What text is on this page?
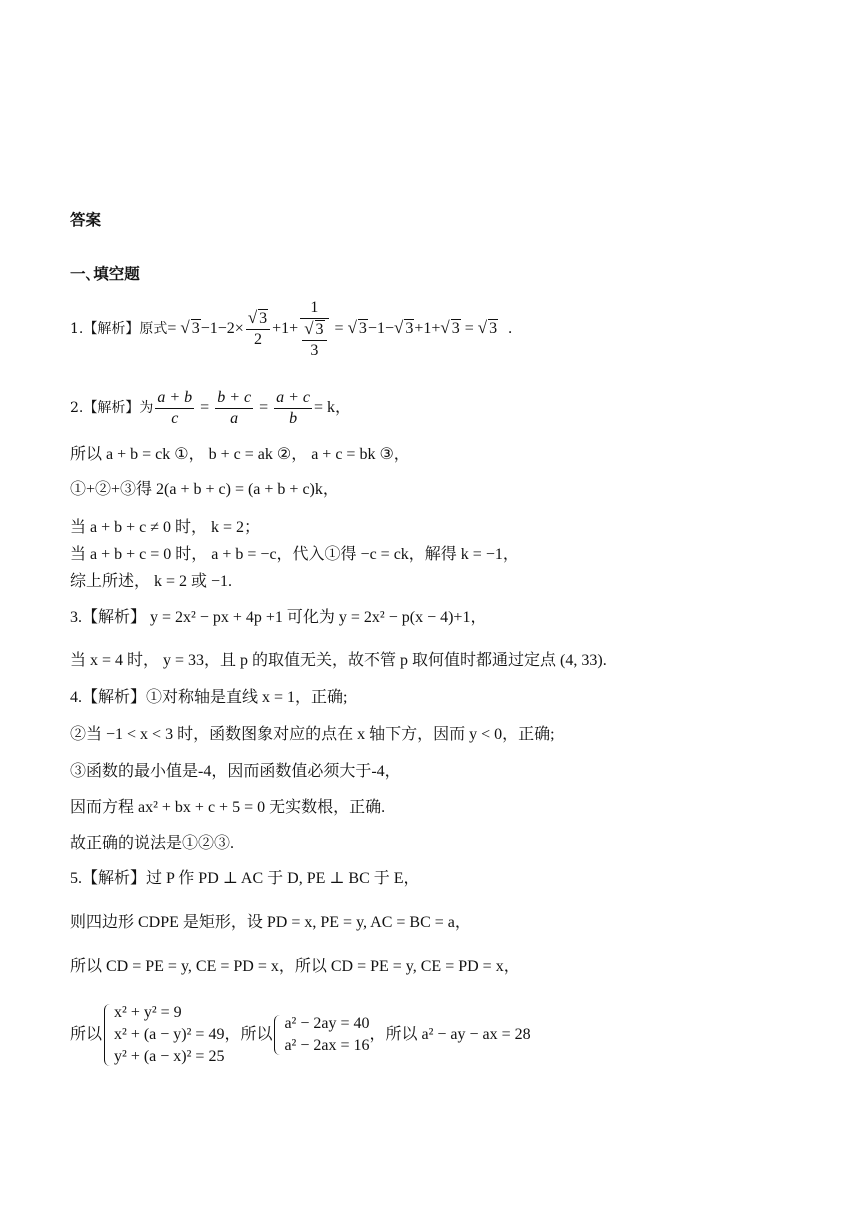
答案
一､填空题
1.【解析】原式 = √ $3-1-2\times \frac{√ 3}{2} +1+ \frac{1}{\frac{√ 3}{3}}$ = √ 3−1−√ 3+1+√ 3 = √ 3 .
2.【解析】为 $\frac{a + b}{c} = \frac{b + c}{a} = \frac{a + c}{b} = k$，
所以 a + b = ck ①， b + c = ak ②， a + c = bk ③，
①+②+③得 2(a + b + c) = (a + b + c)k，
当 a + b + c ≠ 0 时， k = 2；
当 a + b + c = 0 时， a + b = −c，代入①得 −c = ck，解得 k = −1，
综上所述， k = 2 或 −1.
3.【解析】 y = 2x² − px + 4p +1 可化为 y = 2x² − p(x − 4)+1，
当 x = 4 时， y = 33，且 p 的取值无关，故不管 p 取何值时都通过定点 (4, 33).
4.【解析】①对称轴是直线 x = 1，正确;
②当 −1 < x < 3 时，函数图象对应的点在 x 轴下方，因而 y < 0，正确;
③函数的最小值是-4，因而函数值必须大于-4，
因而方程 ax² + bx + c + 5 = 0 无实数根，正确.
故正确的说法是①②③.
5.【解析】过 P 作 PD ⊥ AC 于 D, PE ⊥ BC 于 E，
则四边形 CDPE 是矩形，设 PD = x, PE = y, AC = BC = a，
所以 CD = PE = y, CE = PD = x，所以 CD = PE = y, CE = PD = x，
所以
x² + y² = 9
x² + (a − y)² = 49
y² + (a − x)² = 25
，所以
a² − 2ay = 40
a² − 2ax = 16
，所以 a² − ay − ax = 28
